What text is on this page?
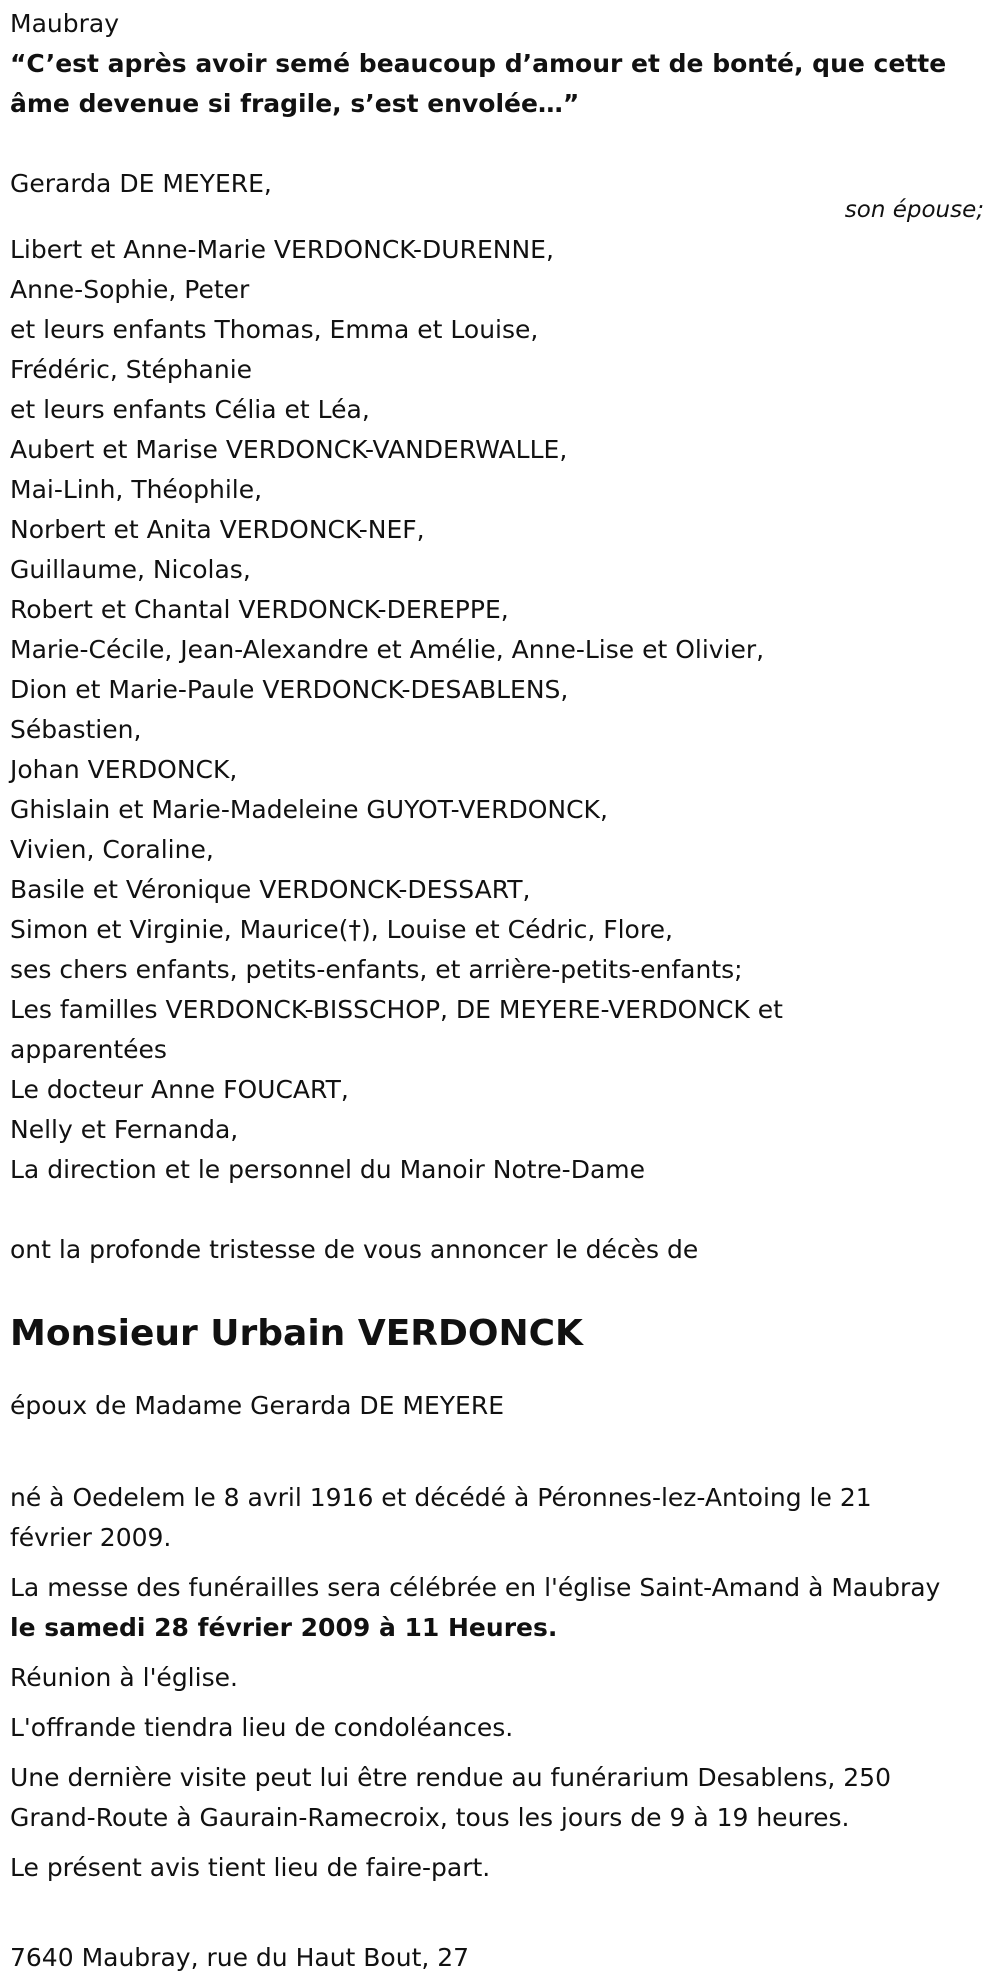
Maubray
“C’est après avoir semé beaucoup d’amour et de bonté, que cette âme devenue si fragile, s’est envolée…”
Gerarda DE MEYERE,
son épouse;
Libert et Anne-Marie VERDONCK-DURENNE,
Anne-Sophie, Peter
et leurs enfants Thomas, Emma et Louise,
Frédéric, Stéphanie
et leurs enfants Célia et Léa,
Aubert et Marise VERDONCK-VANDERWALLE,
Mai-Linh, Théophile,
Norbert et Anita VERDONCK-NEF,
Guillaume, Nicolas,
Robert et Chantal VERDONCK-DEREPPE,
Marie-Cécile, Jean-Alexandre et Amélie, Anne-Lise et Olivier,
Dion et Marie-Paule VERDONCK-DESABLENS,
Sébastien,
Johan VERDONCK,
Ghislain et Marie-Madeleine GUYOT-VERDONCK,
Vivien, Coraline,
Basile et Véronique VERDONCK-DESSART,
Simon et Virginie, Maurice(†), Louise et Cédric, Flore,
ses chers enfants, petits-enfants, et arrière-petits-enfants;
Les familles VERDONCK-BISSCHOP, DE MEYERE-VERDONCK et
apparentées
Le docteur Anne FOUCART,
Nelly et Fernanda,
La direction et le personnel du Manoir Notre-Dame
ont la profonde tristesse de vous annoncer le décès de
Monsieur Urbain VERDONCK
époux de Madame Gerarda DE MEYERE
né à Oedelem le 8 avril 1916 et décédé à Péronnes-lez-Antoing le 21 février 2009.
La messe des funérailles sera célébrée en l'église Saint-Amand à Maubray le samedi 28 février 2009 à 11 Heures.
Réunion à l'église.
L'offrande tiendra lieu de condoléances.
Une dernière visite peut lui être rendue au funérarium Desablens, 250 Grand-Route à Gaurain-Ramecroix, tous les jours de 9 à 19 heures.
Le présent avis tient lieu de faire-part.
7640 Maubray, rue du Haut Bout, 27
